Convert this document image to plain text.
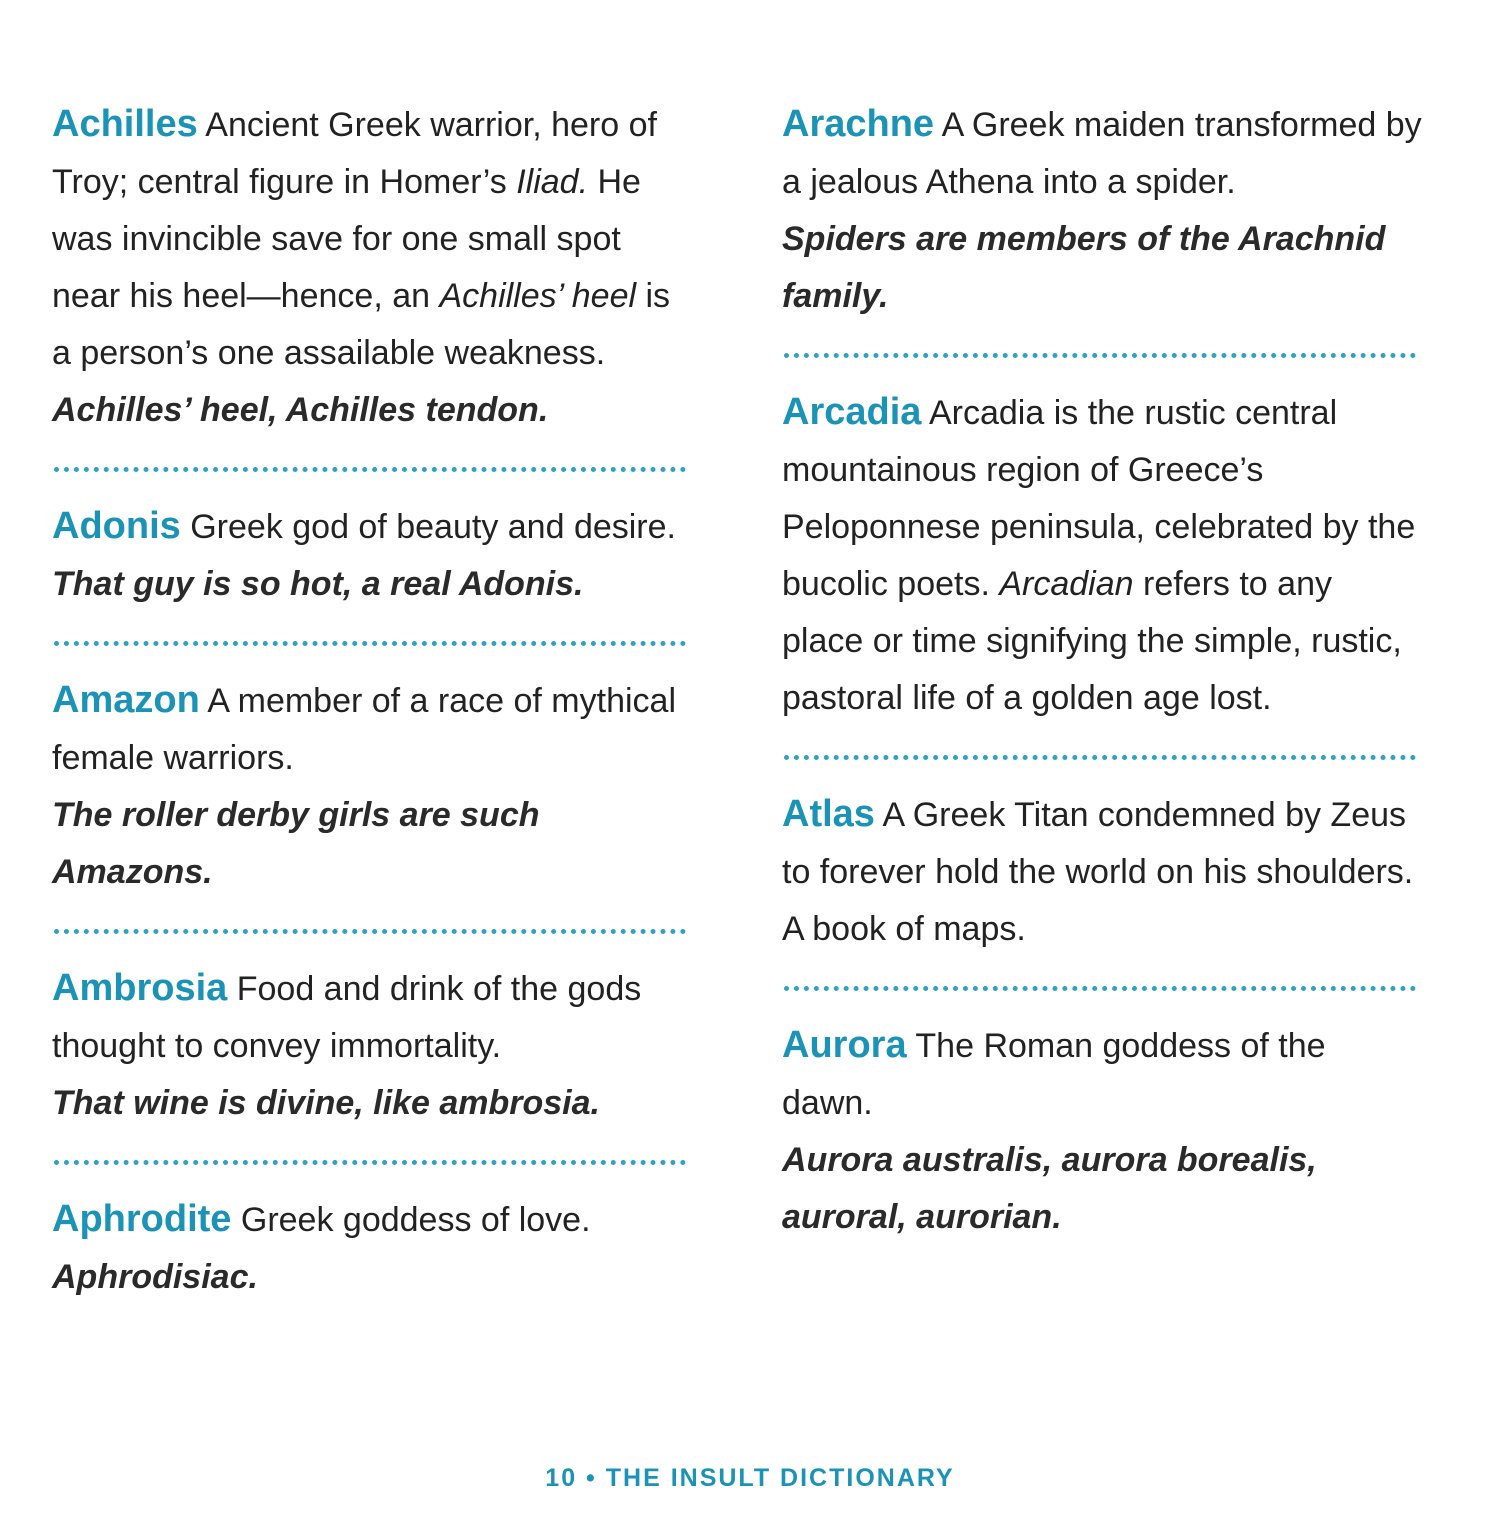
Achilles Ancient Greek warrior, hero of Troy; central figure in Homer’s Iliad. He was invincible save for one small spot near his heel—hence, an Achilles’ heel is a person’s one assailable weakness.
Achilles’ heel, Achilles tendon.
Adonis Greek god of beauty and desire.
That guy is so hot, a real Adonis.
Amazon A member of a race of mythical female warriors.
The roller derby girls are such Amazons.
Ambrosia Food and drink of the gods thought to convey immortality.
That wine is divine, like ambrosia.
Aphrodite Greek goddess of love.
Aphrodisiac.
Arachne A Greek maiden transformed by a jealous Athena into a spider.
Spiders are members of the Arachnid family.
Arcadia Arcadia is the rustic central mountainous region of Greece’s Peloponnese peninsula, celebrated by the bucolic poets. Arcadian refers to any place or time signifying the simple, rustic, pastoral life of a golden age lost.
Atlas A Greek Titan condemned by Zeus to forever hold the world on his shoulders. A book of maps.
Aurora The Roman goddess of the dawn.
Aurora australis, aurora borealis, auroral, aurorian.
10 • THE INSULT DICTIONARY
